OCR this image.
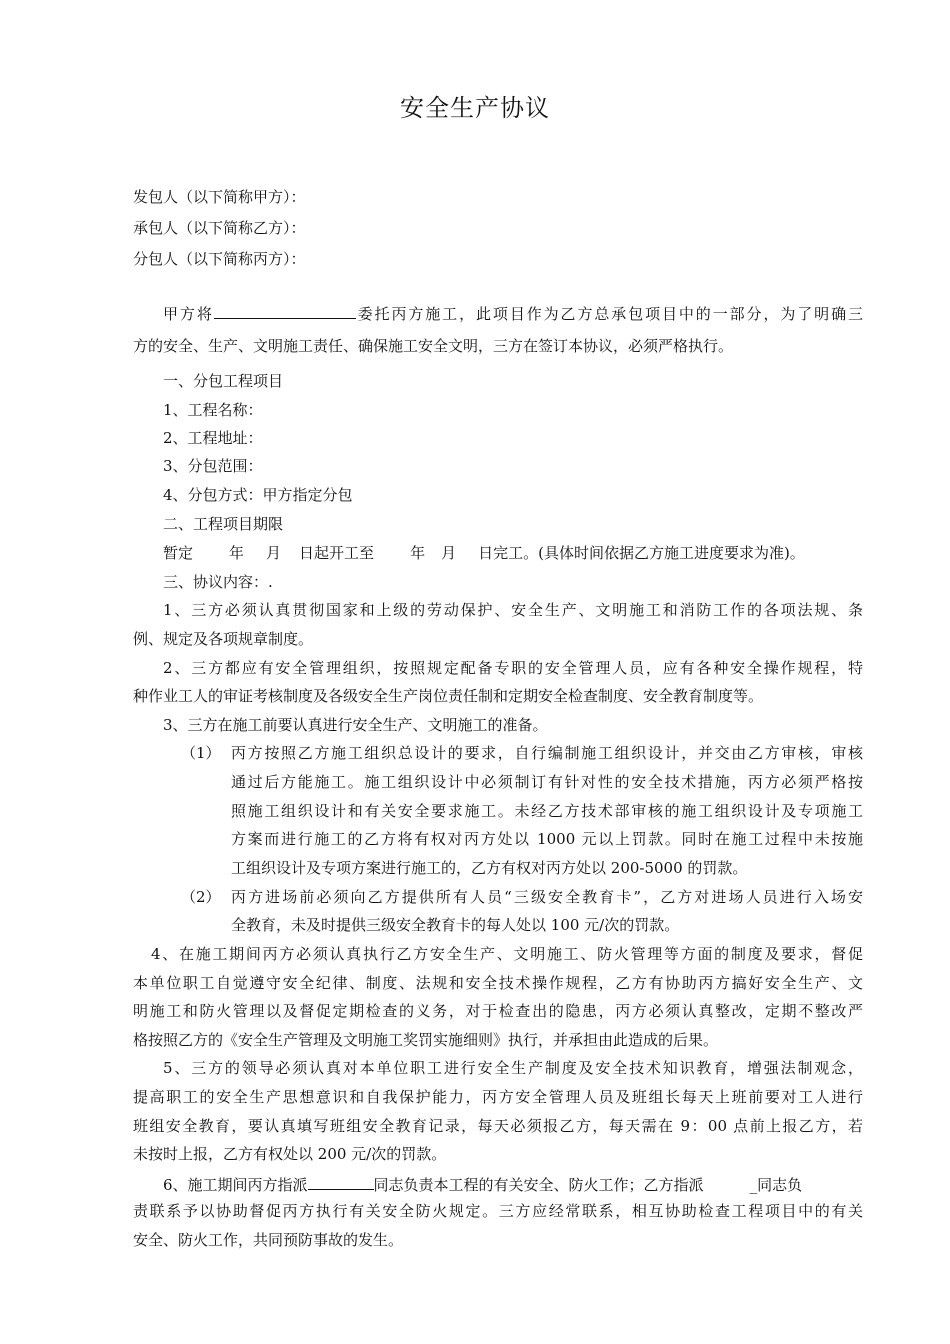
安全生产协议
发包人（以下简称甲方）：
承包人（以下简称乙方）：
分包人（以下简称丙方）：
甲方将	委托丙方施工，此项目作为乙方总承包项目中的一部分，为了明确三
方的安全、生产、文明施工责任、确保施工安全文明，三方在签订本协议，必须严格执行。
一、分包工程项目
1、工程名称：
2、工程地址：
3、分包范围：
4、分包方式：甲方指定分包
二、工程项目期限
暂定 年 月 日起开工至 年 月 日完工。(具体时间依据乙方施工进度要求为准)。
三、协议内容：.
1、三方必须认真贯彻国家和上级的劳动保护、安全生产、文明施工和消防工作的各项法规、条
例、规定及各项规章制度。
2、三方都应有安全管理组织，按照规定配备专职的安全管理人员，应有各种安全操作规程，特
种作业工人的审证考核制度及各级安全生产岗位责任制和定期安全检查制度、安全教育制度等。
3、三方在施工前要认真进行安全生产、文明施工的准备。
（1） 丙方按照乙方施工组织总设计的要求，自行编制施工组织设计，并交由乙方审核，审核
通过后方能施工。施工组织设计中必须制订有针对性的安全技术措施，丙方必须严格按
照施工组织设计和有关安全要求施工。未经乙方技术部审核的施工组织设计及专项施工
方案而进行施工的乙方将有权对丙方处以 1000 元以上罚款。同时在施工过程中未按施
工组织设计及专项方案进行施工的，乙方有权对丙方处以 200-5000 的罚款。
（2） 丙方进场前必须向乙方提供所有人员“三级安全教育卡”，乙方对进场人员进行入场安
全教育，未及时提供三级安全教育卡的每人处以 100 元/次的罚款。
4、在施工期间丙方必须认真执行乙方安全生产、文明施工、防火管理等方面的制度及要求，督促
本单位职工自觉遵守安全纪律、制度、法规和安全技术操作规程，乙方有协助丙方搞好安全生产、文
明施工和防火管理以及督促定期检查的义务，对于检查出的隐患，丙方必须认真整改，定期不整改严
格按照乙方的《安全生产管理及文明施工奖罚实施细则》执行，并承担由此造成的后果。
5、三方的领导必须认真对本单位职工进行安全生产制度及安全技术知识教育，增强法制观念，
提高职工的安全生产思想意识和自我保护能力，丙方安全管理人员及班组长每天上班前要对工人进行
班组安全教育，要认真填写班组安全教育记录，每天必须报乙方，每天需在 9：00 点前上报乙方，若
未按时上报，乙方有权处以 200 元/次的罚款。
6、施工期间丙方指派	同志负责本工程的有关安全、防火工作；乙方指派	_同志负
责联系予以协助督促丙方执行有关安全防火规定。三方应经常联系，相互协助检查工程项目中的有关
安全、防火工作，共同预防事故的发生。
